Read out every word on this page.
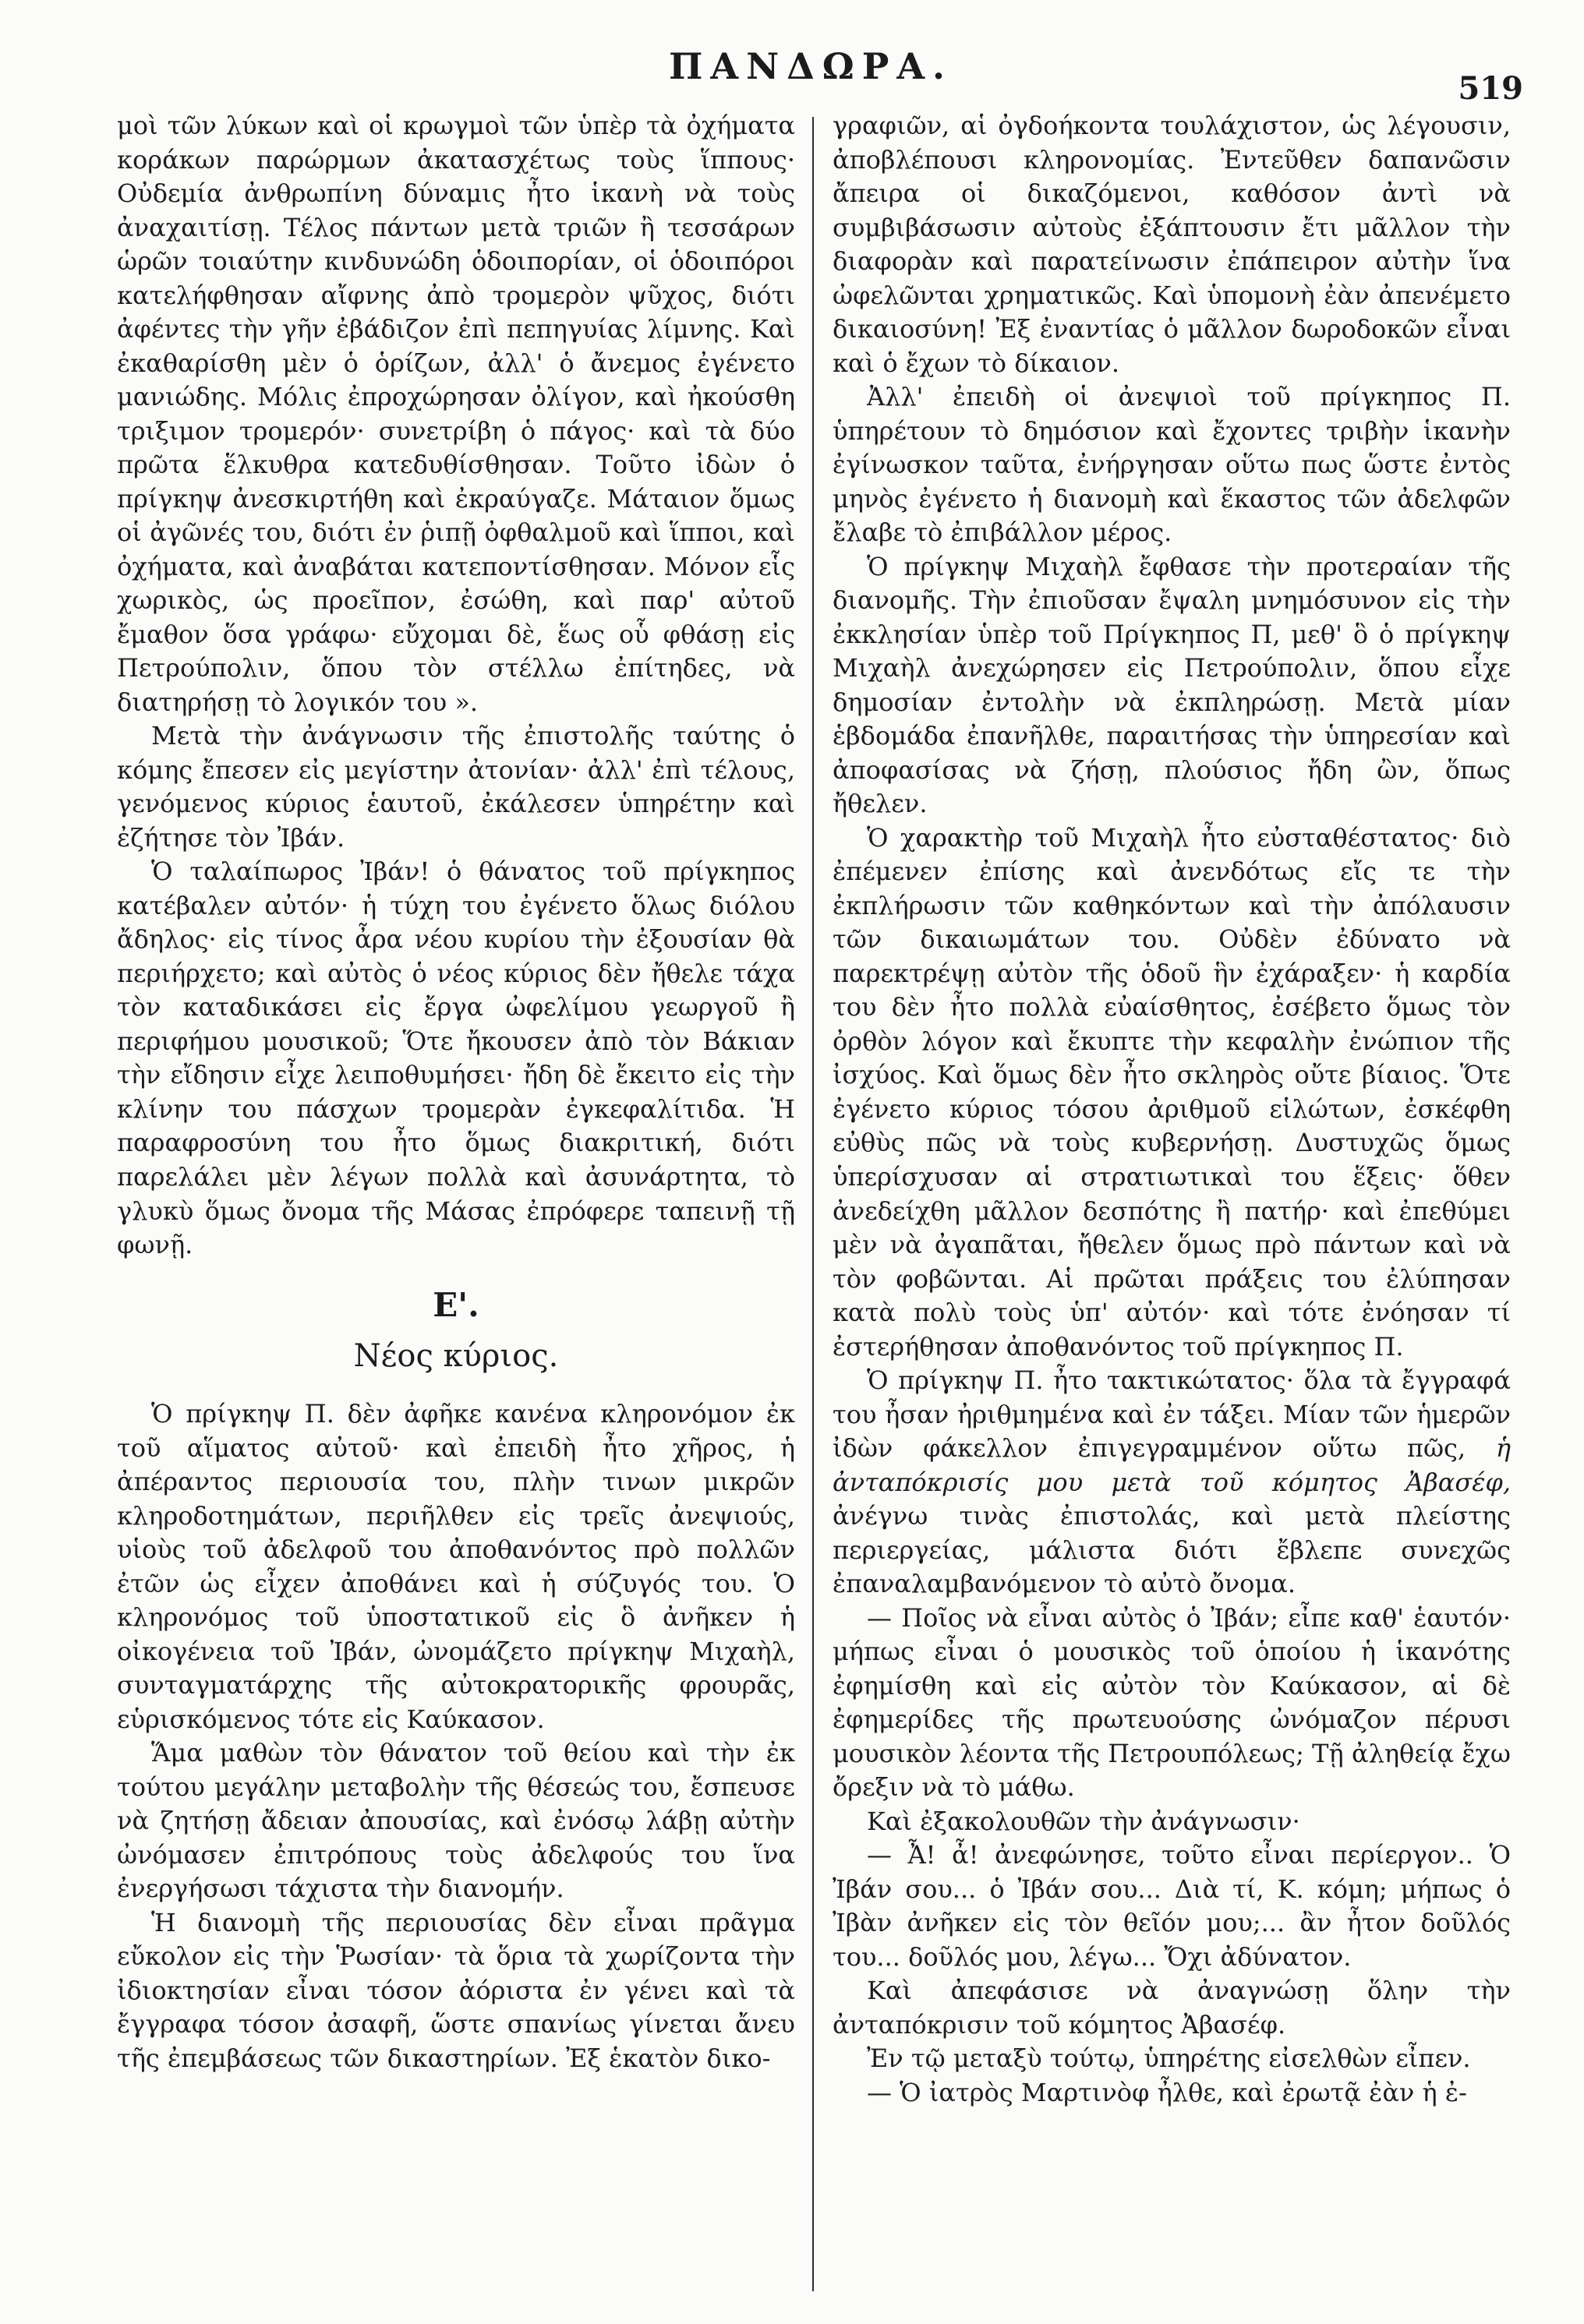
ΠΑΝΔΩΡΑ.
519

μοὶ τῶν λύκων καὶ οἱ κρωγμοὶ τῶν ὑπὲρ τὰ ὀχήματα κοράκων παρώρμων ἀκατασχέτως τοὺς ἵππους· Οὐδεμία ἀνθρωπίνη δύναμις ἦτο ἱκανὴ νὰ τοὺς ἀναχαιτίσῃ. Τέλος πάντων μετὰ τριῶν ἢ τεσσάρων ὡρῶν τοιαύτην κινδυνώδη ὁδοιπορίαν, οἱ ὁδοιπόροι κατελήφθησαν αἴφνης ἀπὸ τρομερὸν ψῦχος, διότι ἀφέντες τὴν γῆν ἐβάδιζον ἐπὶ πεπηγυίας λίμνης. Καὶ ἐκαθαρίσθη μὲν ὁ ὁρίζων, ἀλλ' ὁ ἄνεμος ἐγένετο μανιώδης. Μόλις ἐπροχώρησαν ὀλίγον, καὶ ἠκούσθη τριξιμον τρομερόν· συνετρίβη ὁ πάγος· καὶ τὰ δύο πρῶτα ἕλκυθρα κατεδυθίσθησαν. Τοῦτο ἰδὼν ὁ πρίγκηψ ἀνεσκιρτήθη καὶ ἐκραύγαζε. Μάταιον ὅμως οἱ ἀγῶνές του, διότι ἐν ῥιπῇ ὀφθαλμοῦ καὶ ἵπποι, καὶ ὀχήματα, καὶ ἀναβάται κατεποντίσθησαν. Μόνον εἷς χωρικὸς, ὡς προεῖπον, ἐσώθη, καὶ παρ' αὐτοῦ ἔμαθον ὅσα γράφω· εὔχομαι δὲ, ἕως οὗ φθάσῃ εἰς Πετρούπολιν, ὅπου τὸν στέλλω ἐπίτηδες, νὰ διατηρήσῃ τὸ λογικόν του ».

Μετὰ τὴν ἀνάγνωσιν τῆς ἐπιστολῆς ταύτης ὁ κόμης ἔπεσεν εἰς μεγίστην ἀτονίαν· ἀλλ' ἐπὶ τέλους, γενόμενος κύριος ἑαυτοῦ, ἐκάλεσεν ὑπηρέτην καὶ ἐζήτησε τὸν Ἰβάν.

Ὁ ταλαίπωρος Ἰβάν! ὁ θάνατος τοῦ πρίγκηπος κατέβαλεν αὐτόν· ἡ τύχη του ἐγένετο ὅλως διόλου ἄδηλος· εἰς τίνος ἆρα νέου κυρίου τὴν ἐξουσίαν θὰ περιήρχετο; καὶ αὐτὸς ὁ νέος κύριος δὲν ἤθελε τάχα τὸν καταδικάσει εἰς ἔργα ὠφελίμου γεωργοῦ ἢ περιφήμου μουσικοῦ; Ὅτε ἤκουσεν ἀπὸ τὸν Βάκιαν τὴν εἴδησιν εἶχε λειποθυμήσει· ἤδη δὲ ἔκειτο εἰς τὴν κλίνην του πάσχων τρομερὰν ἐγκεφαλίτιδα. Ἡ παραφροσύνη του ἦτο ὅμως διακριτική, διότι παρελάλει μὲν λέγων πολλὰ καὶ ἀσυνάρτητα, τὸ γλυκὺ ὅμως ὄνομα τῆς Μάσας ἐπρόφερε ταπεινῇ τῇ φωνῇ.

Ε'.
Νέος κύριος.

Ὁ πρίγκηψ Π. δὲν ἀφῆκε κανένα κληρονόμον ἐκ τοῦ αἵματος αὐτοῦ· καὶ ἐπειδὴ ἦτο χῆρος, ἡ ἀπέραντος περιουσία του, πλὴν τινων μικρῶν κληροδοτημάτων, περιῆλθεν εἰς τρεῖς ἀνεψιούς, υἱοὺς τοῦ ἀδελφοῦ του ἀποθανόντος πρὸ πολλῶν ἐτῶν ὡς εἶχεν ἀποθάνει καὶ ἡ σύζυγός του. Ὁ κληρονόμος τοῦ ὑποστατικοῦ εἰς ὃ ἀνῆκεν ἡ οἰκογένεια τοῦ Ἰβάν, ὠνομάζετο πρίγκηψ Μιχαὴλ, συνταγματάρχης τῆς αὐτοκρατορικῆς φρουρᾶς, εὑρισκόμενος τότε εἰς Καύκασον.

Ἅμα μαθὼν τὸν θάνατον τοῦ θείου καὶ τὴν ἐκ τούτου μεγάλην μεταβολὴν τῆς θέσεώς του, ἔσπευσε νὰ ζητήσῃ ἄδειαν ἀπουσίας, καὶ ἐνόσῳ λάβῃ αὐτὴν ὠνόμασεν ἐπιτρόπους τοὺς ἀδελφούς του ἵνα ἐνεργήσωσι τάχιστα τὴν διανομήν.

Ἡ διανομὴ τῆς περιουσίας δὲν εἶναι πρᾶγμα εὔκολον εἰς τὴν Ῥωσίαν· τὰ ὅρια τὰ χωρίζοντα τὴν ἰδιοκτησίαν εἶναι τόσον ἀόριστα ἐν γένει καὶ τὰ ἔγγραφα τόσον ἀσαφῆ, ὥστε σπανίως γίνεται ἄνευ τῆς ἐπεμβάσεως τῶν δικαστηρίων. Ἐξ ἑκατὸν δικο-

γραφιῶν, αἱ ὀγδοήκοντα τουλάχιστον, ὡς λέγουσιν, ἀποβλέπουσι κληρονομίας. Ἐντεῦθεν δαπανῶσιν ἄπειρα οἱ δικαζόμενοι, καθόσον ἀντὶ νὰ συμβιβάσωσιν αὐτοὺς ἐξάπτουσιν ἔτι μᾶλλον τὴν διαφορὰν καὶ παρατείνωσιν ἐπάπειρον αὐτὴν ἵνα ὠφελῶνται χρηματικῶς. Καὶ ὑπομονὴ ἐὰν ἀπενέμετο δικαιοσύνη! Ἐξ ἐναντίας ὁ μᾶλλον δωροδοκῶν εἶναι καὶ ὁ ἔχων τὸ δίκαιον.

Ἀλλ' ἐπειδὴ οἱ ἀνεψιοὶ τοῦ πρίγκηπος Π. ὑπηρέτουν τὸ δημόσιον καὶ ἔχοντες τριβὴν ἱκανὴν ἐγίνωσκον ταῦτα, ἐνήργησαν οὕτω πως ὥστε ἐντὸς μηνὸς ἐγένετο ἡ διανομὴ καὶ ἕκαστος τῶν ἀδελφῶν ἔλαβε τὸ ἐπιβάλλον μέρος.

Ὁ πρίγκηψ Μιχαὴλ ἔφθασε τὴν προτεραίαν τῆς διανομῆς. Τὴν ἐπιοῦσαν ἔψαλη μνημόσυνον εἰς τὴν ἐκκλησίαν ὑπὲρ τοῦ Πρίγκηπος Π, μεθ' ὃ ὁ πρίγκηψ Μιχαὴλ ἀνεχώρησεν εἰς Πετρούπολιν, ὅπου εἶχε δημοσίαν ἐντολὴν νὰ ἐκπληρώσῃ. Μετὰ μίαν ἑβδομάδα ἐπανῆλθε, παραιτήσας τὴν ὑπηρεσίαν καὶ ἀποφασίσας νὰ ζήσῃ, πλούσιος ἤδη ὢν, ὅπως ἤθελεν.

Ὁ χαρακτὴρ τοῦ Μιχαὴλ ἦτο εὐσταθέστατος· διὸ ἐπέμενεν ἐπίσης καὶ ἀνενδότως εἴς τε τὴν ἐκπλήρωσιν τῶν καθηκόντων καὶ τὴν ἀπόλαυσιν τῶν δικαιωμάτων του. Οὐδὲν ἐδύνατο νὰ παρεκτρέψῃ αὐτὸν τῆς ὁδοῦ ἣν ἐχάραξεν· ἡ καρδία του δὲν ἦτο πολλὰ εὐαίσθητος, ἐσέβετο ὅμως τὸν ὀρθὸν λόγον καὶ ἔκυπτε τὴν κεφαλὴν ἐνώπιον τῆς ἰσχύος. Καὶ ὅμως δὲν ἦτο σκληρὸς οὔτε βίαιος. Ὅτε ἐγένετο κύριος τόσου ἀριθμοῦ εἱλώτων, ἐσκέφθη εὐθὺς πῶς νὰ τοὺς κυβερνήσῃ. Δυστυχῶς ὅμως ὑπερίσχυσαν αἱ στρατιωτικαὶ του ἕξεις· ὅθεν ἀνεδείχθη μᾶλλον δεσπότης ἢ πατήρ· καὶ ἐπεθύμει μὲν νὰ ἀγαπᾶται, ἤθελεν ὅμως πρὸ πάντων καὶ νὰ τὸν φοβῶνται. Αἱ πρῶται πράξεις του ἐλύπησαν κατὰ πολὺ τοὺς ὑπ' αὐτόν· καὶ τότε ἐνόησαν τί ἐστερήθησαν ἀποθανόντος τοῦ πρίγκηπος Π.

Ὁ πρίγκηψ Π. ἦτο τακτικώτατος· ὅλα τὰ ἔγγραφά του ἦσαν ἠριθμημένα καὶ ἐν τάξει. Μίαν τῶν ἡμερῶν ἰδὼν φάκελλον ἐπιγεγραμμένον οὕτω πῶς, ἡ ἀνταπόκρισίς μου μετὰ τοῦ κόμητος Ἀβασέφ, ἀνέγνω τινὰς ἐπιστολάς, καὶ μετὰ πλείστης περιεργείας, μάλιστα διότι ἔβλεπε συνεχῶς ἐπαναλαμβανόμενον τὸ αὐτὸ ὄνομα.

— Ποῖος νὰ εἶναι αὐτὸς ὁ Ἰβάν; εἶπε καθ' ἑαυτόν· μήπως εἶναι ὁ μουσικὸς τοῦ ὁποίου ἡ ἱκανότης ἐφημίσθη καὶ εἰς αὐτὸν τὸν Καύκασον, αἱ δὲ ἐφημερίδες τῆς πρωτευούσης ὠνόμαζον πέρυσι μουσικὸν λέοντα τῆς Πετρουπόλεως; Τῇ ἀληθείᾳ ἔχω ὄρεξιν νὰ τὸ μάθω.

Καὶ ἐξακολουθῶν τὴν ἀνάγνωσιν·

— Ἆ! ἆ! ἀνεφώνησε, τοῦτο εἶναι περίεργον.. Ὁ Ἰβάν σου... ὁ Ἰβάν σου... Διὰ τί, Κ. κόμη; μήπως ὁ Ἰβὰν ἀνῆκεν εἰς τὸν θεῖόν μου;... ἂν ἦτον δοῦλός του... δοῦλός μου, λέγω... Ὄχι ἀδύνατον.

Καὶ ἀπεφάσισε νὰ ἀναγνώσῃ ὅλην τὴν ἀνταπόκρισιν τοῦ κόμητος Ἀβασέφ.

Ἐν τῷ μεταξὺ τούτῳ, ὑπηρέτης εἰσελθὼν εἶπεν.

— Ὁ ἰατρὸς Μαρτινὸφ ἦλθε, καὶ ἐρωτᾷ ἐὰν ἡ ἐ-
